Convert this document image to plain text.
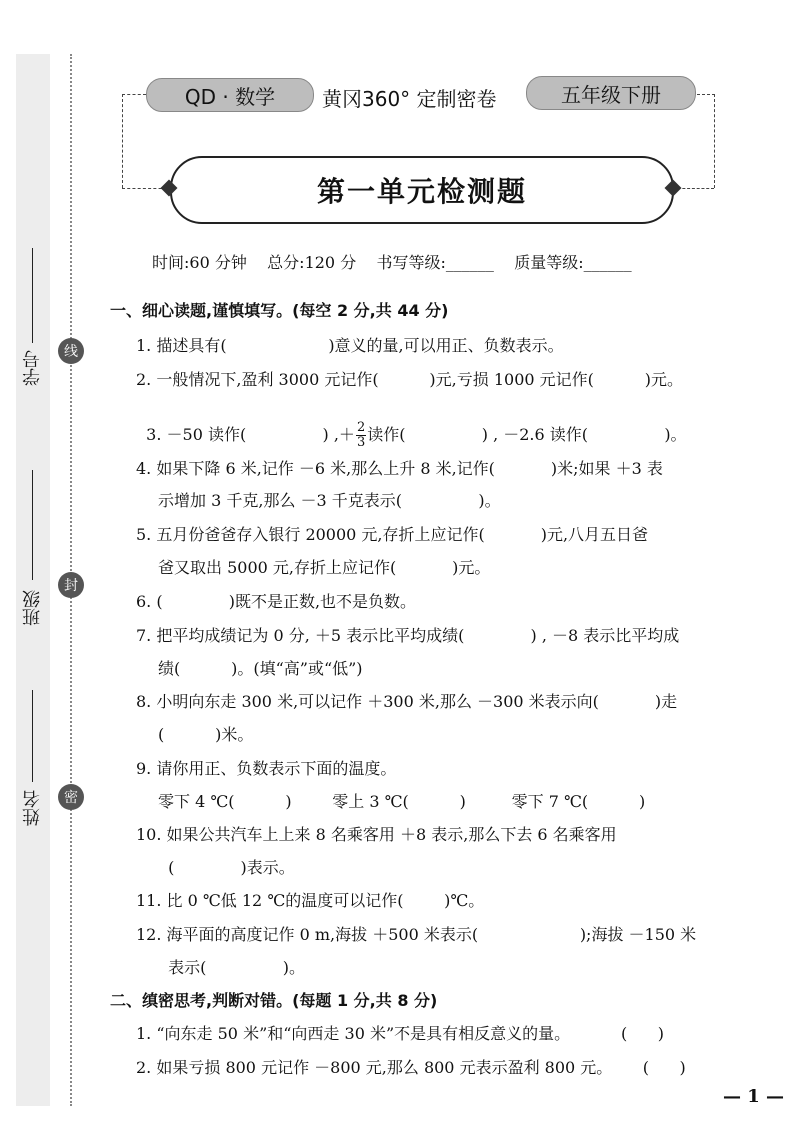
学号
班级
姓名
线
封
密
QD · 数学	黄冈360° 定制密卷	五年级下册
第一单元检测题
时间:60 分钟    总分:120 分    书写等级:______    质量等级:______
一、细心读题,谨慎填写。(每空 2 分,共 44 分)
1. 描述具有(                    )意义的量,可以用正、负数表示。
2. 一般情况下,盈利 3000 元记作(          )元,亏损 1000 元记作(          )元。

3. －50 读作(               ) ,＋ $\frac{2}{3}$ 读作(               ) , －2.6 读作(               )。

4. 如果下降 6 米,记作 －6 米,那么上升 8 米,记作(           )米;如果 ＋3 表
示增加 3 千克,那么 －3 千克表示(               )。
5. 五月份爸爸存入银行 20000 元,存折上应记作(           )元,八月五日爸
爸又取出 5000 元,存折上应记作(           )元。
6. (             )既不是正数,也不是负数。
7. 把平均成绩记为 0 分, ＋5 表示比平均成绩(             ) , －8 表示比平均成
绩(          )。(填“高”或“低”)
8. 小明向东走 300 米,可以记作 ＋300 米,那么 －300 米表示向(           )走
(          )米。
9. 请你用正、负数表示下面的温度。
零下 4 ℃(          )        零上 3 ℃(          )         零下 7 ℃(          )
10. 如果公共汽车上上来 8 名乘客用 ＋8 表示,那么下去 6 名乘客用
(             )表示。
11. 比 0 ℃低 12 ℃的温度可以记作(        )℃。
12. 海平面的高度记作 0 m,海拔 ＋500 米表示(                    );海拔 －150 米
表示(               )。
二、缜密思考,判断对错。(每题 1 分,共 8 分)
1. “向东走 50 米”和“向西走 30 米”不是具有相反意义的量。          (      )
2. 如果亏损 800 元记作 －800 元,那么 800 元表示盈利 800 元。      (      )
— 1 —
